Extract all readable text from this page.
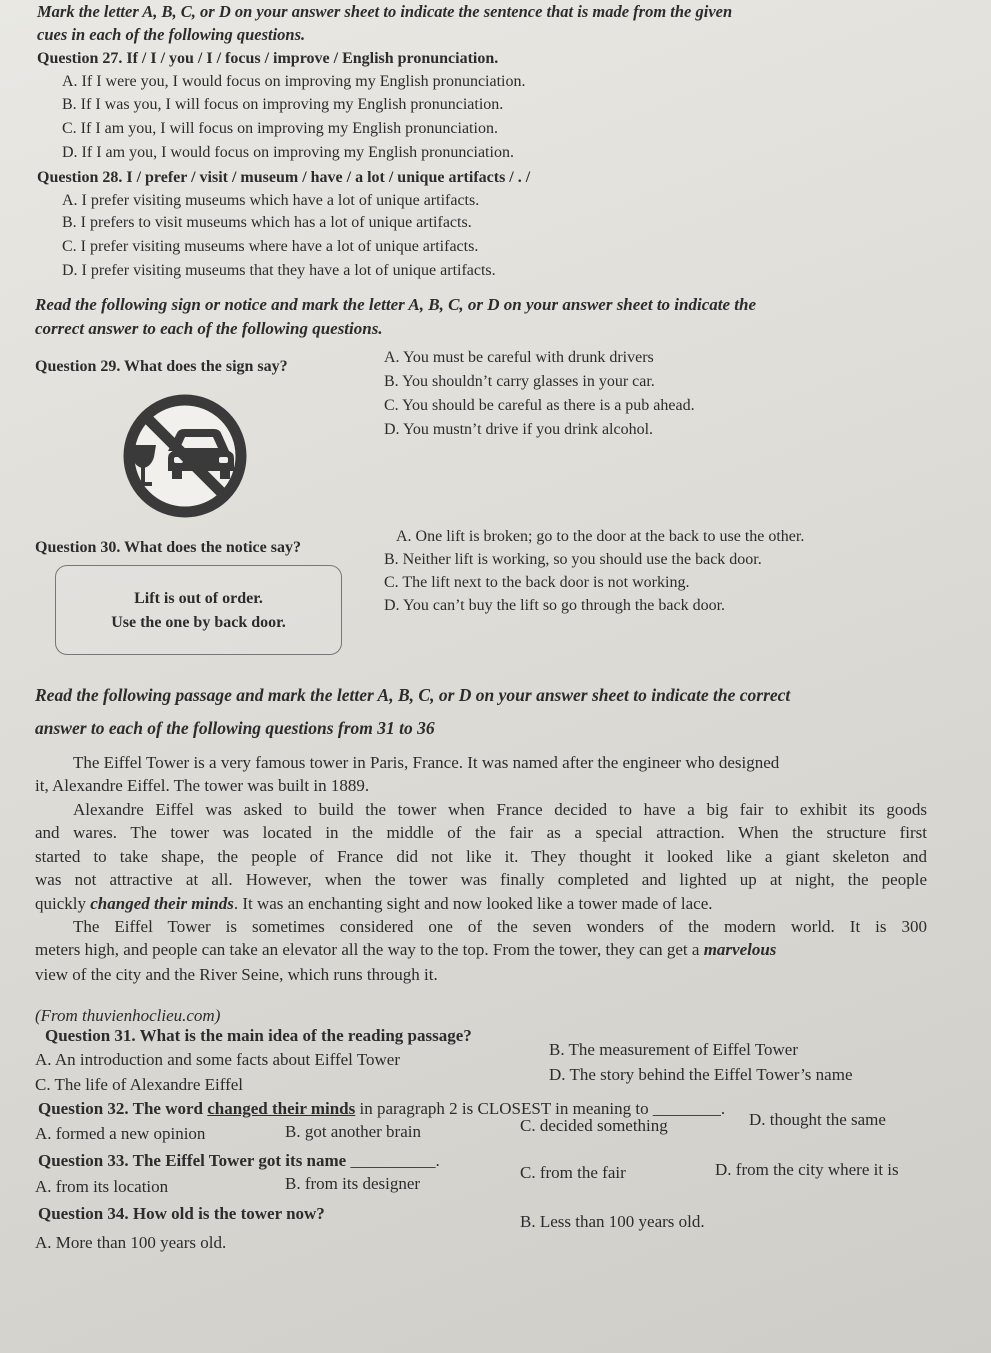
Mark the letter A, B, C, or D on your answer sheet to indicate the sentence that is made from the given
cues in each of the following questions.
Question 27. If / I / you / I / focus / improve / English pronunciation.
A. If I were you, I would focus on improving my English pronunciation.
B. If I was you, I will focus on improving my English pronunciation.
C. If I am you, I will focus on improving my English pronunciation.
D. If I am you, I would focus on improving my English pronunciation.
Question 28. I / prefer / visit / museum / have / a lot / unique artifacts / . /
A. I prefer visiting museums which have a lot of unique artifacts.
B. I prefers to visit museums which has a lot of unique artifacts.
C. I prefer visiting museums where have a lot of unique artifacts.
D. I prefer visiting museums that they have a lot of unique artifacts.
Read the following sign or notice and mark the letter A, B, C, or D on your answer sheet to indicate the
correct answer to each of the following questions.
Question 29. What does the sign say?
A. You must be careful with drunk drivers
B. You shouldn’t carry glasses in your car.
C. You should be careful as there is a pub ahead.
D. You mustn’t drive if you drink alcohol.
Question 30. What does the notice say?
A. One lift is broken; go to the door at the back to use the other.
B. Neither lift is working, so you should use the back door.
C. The lift next to the back door is not working.
D. You can’t buy the lift so go through the back door.
Lift is out of order.
Use the one by back door.
Read the following passage and mark the letter A, B, C, or D on your answer sheet to indicate the correct
answer to each of the following questions from 31 to 36
The Eiffel Tower is a very famous tower in Paris, France. It was named after the engineer who designed
it, Alexandre Eiffel. The tower was built in 1889.
Alexandre Eiffel was asked to build the tower when France decided to have a big fair to exhibit its goods
and wares. The tower was located in the middle of the fair as a special attraction. When the structure first
started to take shape, the people of France did not like it. They thought it looked like a giant skeleton and
was not attractive at all. However, when the tower was finally completed and lighted up at night, the people
quickly changed their minds. It was an enchanting sight and now looked like a tower made of lace.
The Eiffel Tower is sometimes considered one of the seven wonders of the modern world. It is 300
meters high, and people can take an elevator all the way to the top. From the tower, they can get a marvelous
view of the city and the River Seine, which runs through it.
(From thuvienhoclieu.com)
Question 31. What is the main idea of the reading passage?
A. An introduction and some facts about Eiffel Tower
B. The measurement of Eiffel Tower
C. The life of Alexandre Eiffel
D. The story behind the Eiffel Tower’s name
Question 32. The word changed their minds in paragraph 2 is CLOSEST in meaning to ________.
A. formed a new opinion	B. got another brain	C. decided something	D. thought the same
Question 33. The Eiffel Tower got its name __________.
A. from its location	B. from its designer
C. from the fair	D. from the city where it is
Question 34. How old is the tower now?
A. More than 100 years old.
B. Less than 100 years old.
